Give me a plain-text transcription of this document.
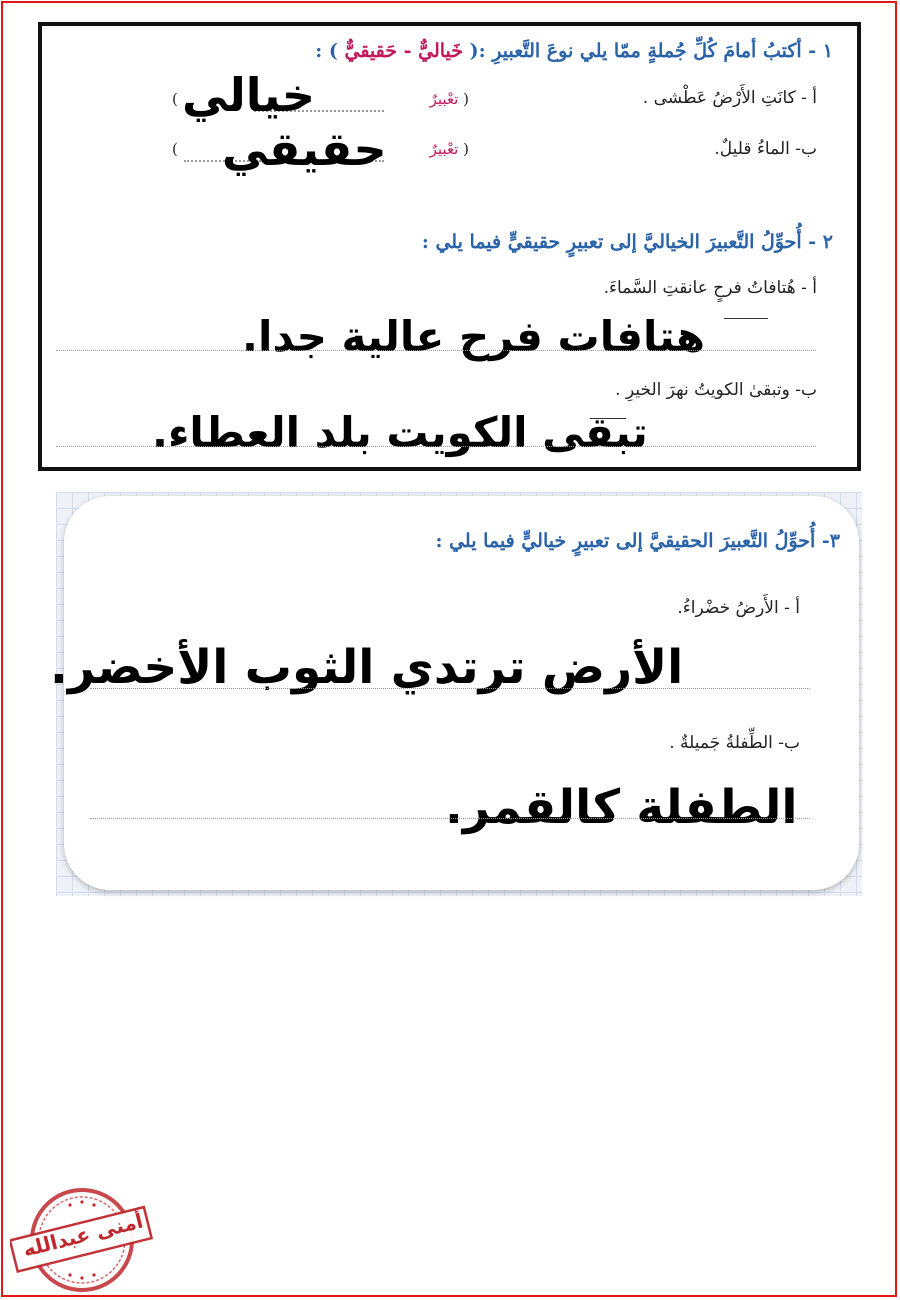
١ - أكتبُ أمامَ كُلِّ جُملةٍ ممّا يلي نوعَ التَّعبيرِ :( خَياليٌّ - حَقيقيٌّ ) :
أ - كانَتِ الأَرْضُ عَطْشى .
ب- الماءُ قليلٌ.
( تعْبيرٌ
)
( تعْبيرٌ
)
خيالي
حقيقي
٢ - أُحوِّلُ التَّعبيرَ الخياليَّ إلى تعبيرٍ حقيقيٍّ فيما يلي :
أ - هُتافاتُ فرحٍ عانقتِ السَّماءَ.
هتافات فرح عالية جدا.
ب- وتبقىٰ الكويتُ نهرَ الخيرِ .
تبقى الكويت بلد العطاء.
٣- أُحوِّلُ التَّعبيرَ الحقيقيَّ إلى تعبيرٍ خياليٍّ فيما يلي :
أ - الأَرضُ خضْراءُ.
الأرض ترتدي الثوب الأخضر.
ب- الطِّفلةُ جَميلةٌ .
الطفلة كالقمر.
أمنى عبدالله
